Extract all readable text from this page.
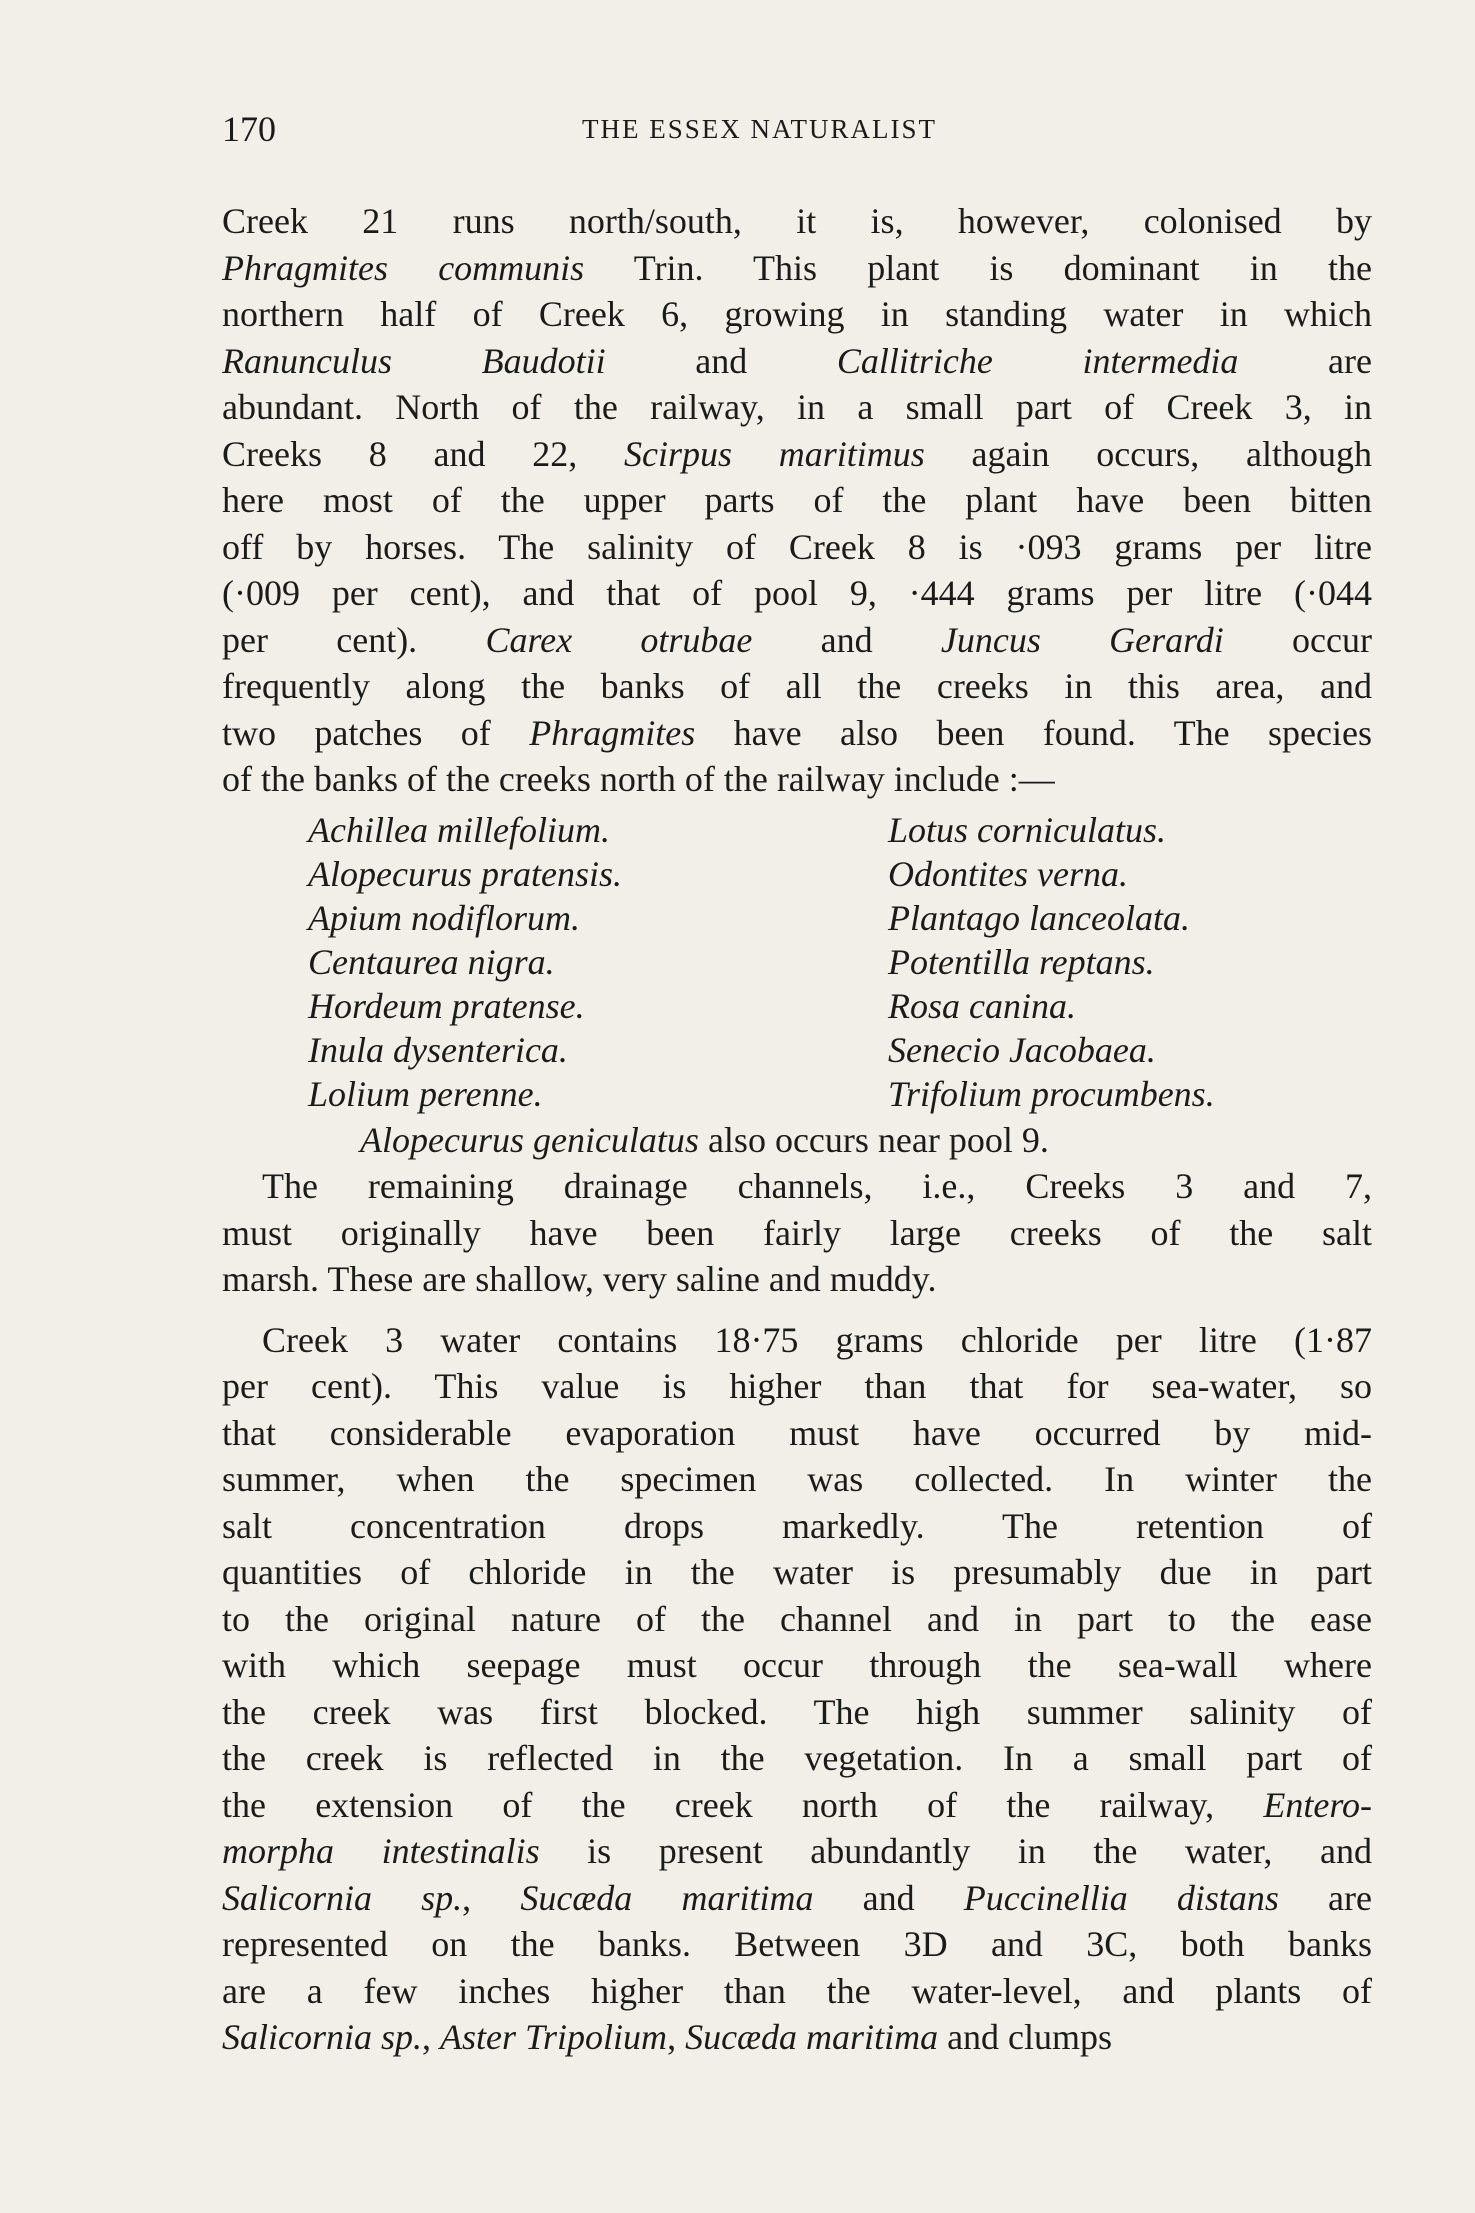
170	THE ESSEX NATURALIST
Creek 21 runs north/south, it is, however, colonised by
Phragmites communis Trin. This plant is dominant in the
northern half of Creek 6, growing in standing water in which
Ranunculus Baudotii and Callitriche intermedia are
abundant. North of the railway, in a small part of Creek 3, in
Creeks 8 and 22, Scirpus maritimus again occurs, although
here most of the upper parts of the plant have been bitten
off by horses. The salinity of Creek 8 is ·093 grams per litre
(·009 per cent), and that of pool 9, ·444 grams per litre (·044
per cent). Carex otrubae and Juncus Gerardi occur
frequently along the banks of all the creeks in this area, and
two patches of Phragmites have also been found. The species
of the banks of the creeks north of the railway include :—
Achillea millefolium.
Alopecurus pratensis.
Apium nodiflorum.
Centaurea nigra.
Hordeum pratense.
Inula dysenterica.
Lolium perenne.
Lotus corniculatus.
Odontites verna.
Plantago lanceolata.
Potentilla reptans.
Rosa canina.
Senecio Jacobaea.
Trifolium procumbens.
Alopecurus geniculatus also occurs near pool 9.
The remaining drainage channels, i.e., Creeks 3 and 7,
must originally have been fairly large creeks of the salt
marsh. These are shallow, very saline and muddy.
Creek 3 water contains 18·75 grams chloride per litre (1·87
per cent). This value is higher than that for sea-water, so
that considerable evaporation must have occurred by mid-
summer, when the specimen was collected. In winter the
salt concentration drops markedly. The retention of
quantities of chloride in the water is presumably due in part
to the original nature of the channel and in part to the ease
with which seepage must occur through the sea-wall where
the creek was first blocked. The high summer salinity of
the creek is reflected in the vegetation. In a small part of
the extension of the creek north of the railway, Entero-
morpha intestinalis is present abundantly in the water, and
Salicornia sp., Sucæda maritima and Puccinellia distans are
represented on the banks. Between 3D and 3C, both banks
are a few inches higher than the water-level, and plants of
Salicornia sp., Aster Tripolium, Sucæda maritima and clumps
